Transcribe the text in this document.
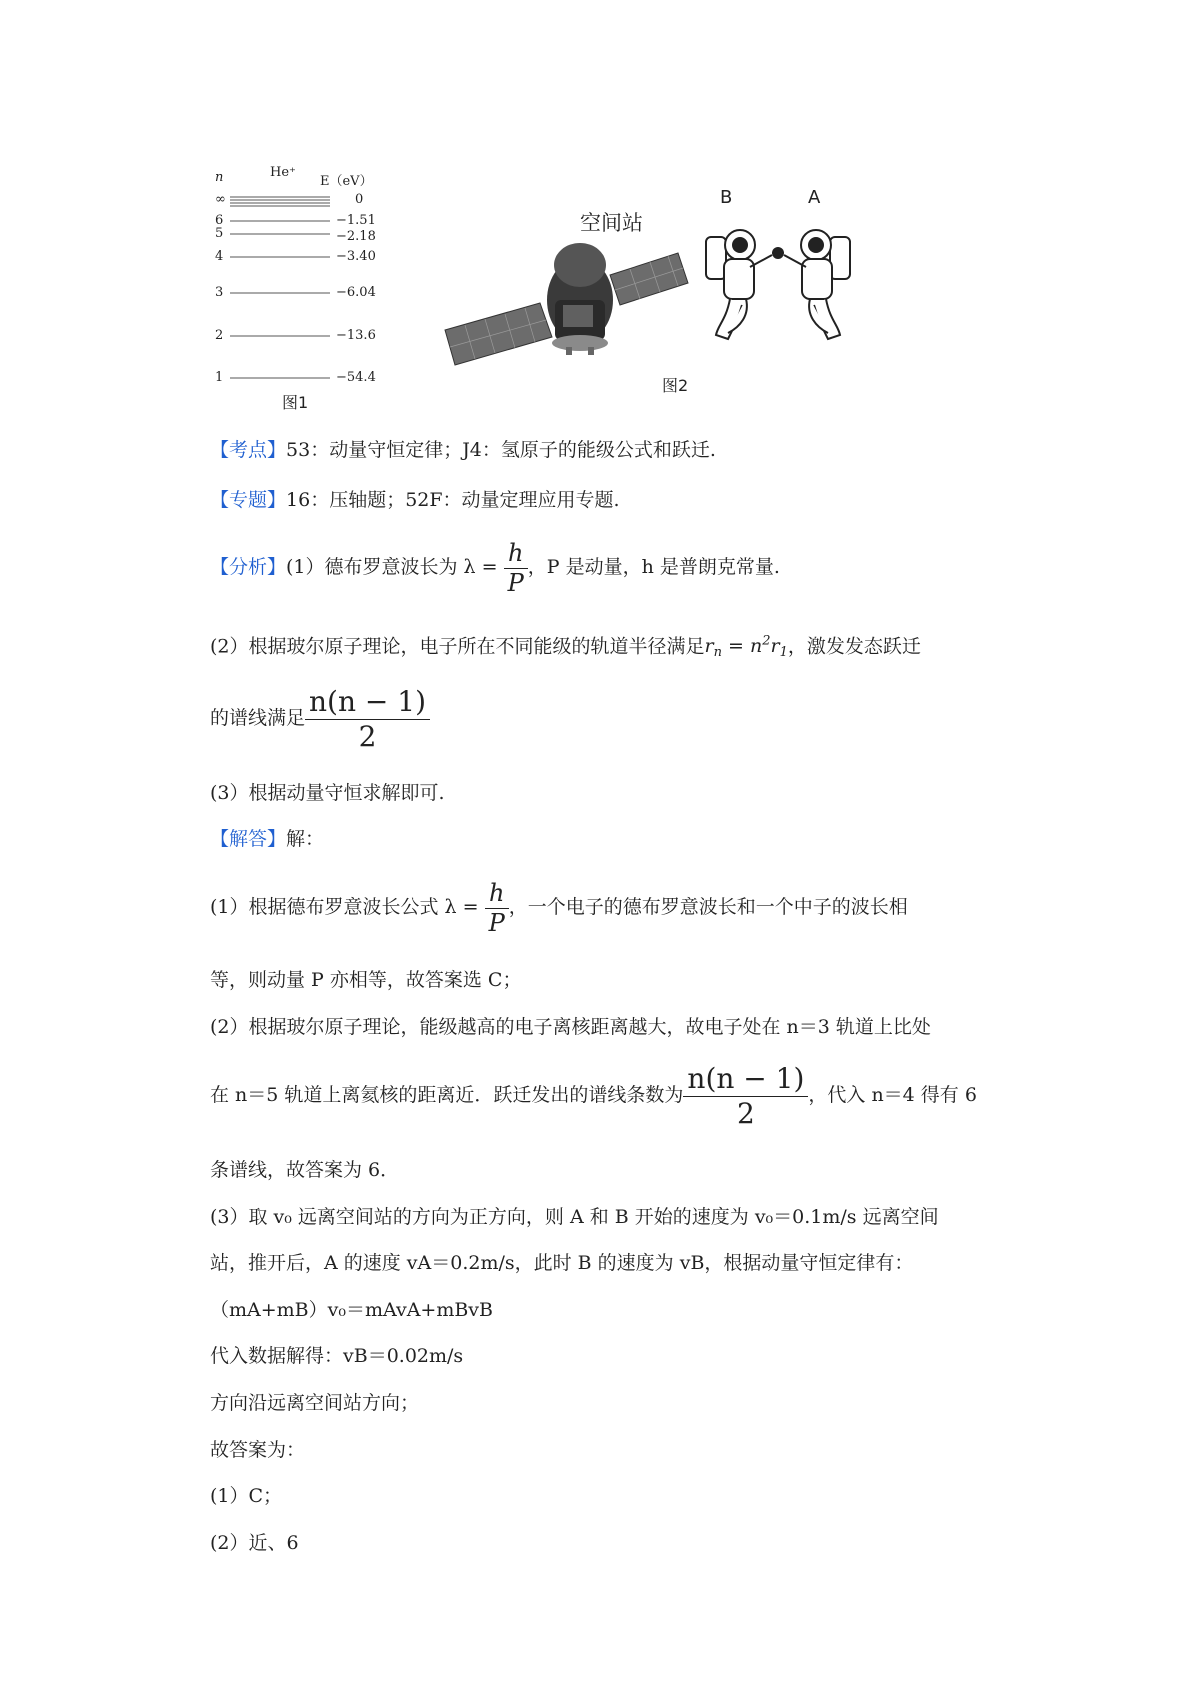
n	He⁺
E（eV）
∞	0
6	−1.51
5	−2.18
4	−3.40
3	−6.04
2	−13.6
1	−54.4
图1
空间站
B	A
图2
【考点】53：动量守恒定律；J4：氢原子的能级公式和跃迁.
【专题】16：压轴题；52F：动量定理应用专题.
【分析】(1）德布罗意波长为 $\lambda = \frac{h}{P}$ ，P 是动量，h 是普朗克常量.
(2）根据玻尔原子理论，电子所在不同能级的轨道半径满足$r_n = n^2r_1$，激发发态跃迁
的谱线满足 $\frac{n(n - 1)}{2}$
(3）根据动量守恒求解即可.
【解答】解：
(1）根据德布罗意波长公式 $\lambda = \frac{h}{P}$ ，一个电子的德布罗意波长和一个中子的波长相
等，则动量 P 亦相等，故答案选 C；
(2）根据玻尔原子理论，能级越高的电子离核距离越大，故电子处在 n＝3 轨道上比处
在 n＝5 轨道上离氦核的距离近．跃迁发出的谱线条数为 $\frac{n(n - 1)}{2}$ ，代入 n＝4 得有 6
条谱线，故答案为 6．
(3）取 v₀ 远离空间站的方向为正方向，则 A 和 B 开始的速度为 v₀＝0.1m/s 远离空间
站，推开后，A 的速度 vA＝0.2m/s，此时 B 的速度为 vB，根据动量守恒定律有：
（mA+mB）v₀＝mAvA+mBvB
代入数据解得：vB＝0.02m/s
方向沿远离空间站方向；
故答案为：
(1）C；
(2）近、6
